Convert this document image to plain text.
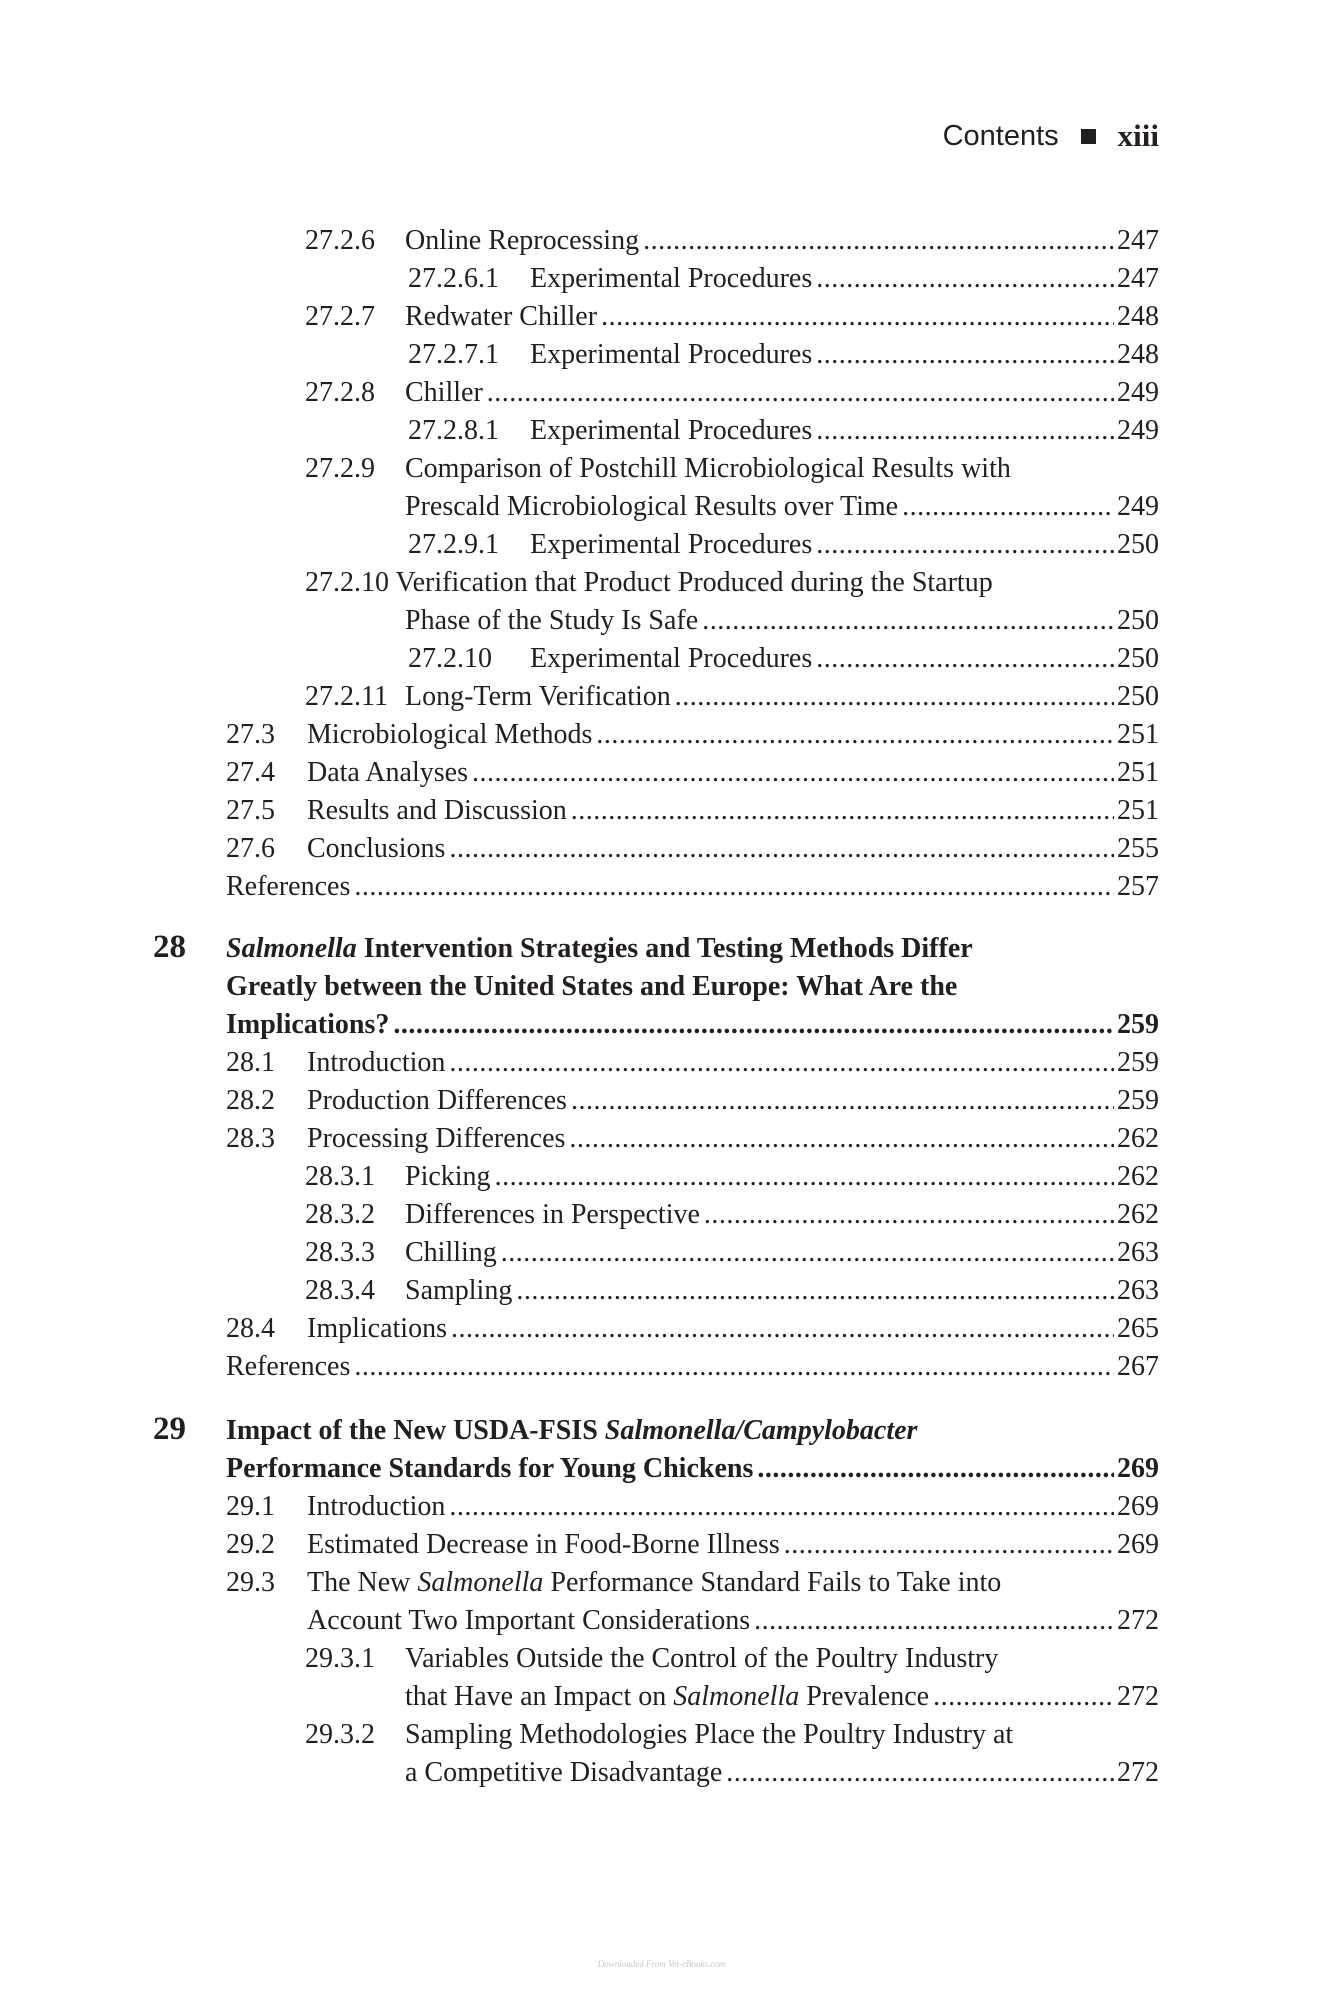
Contents xiii
27.2.6	Online Reprocessing .....	247
27.2.6.1	Experimental Procedures .....	247
27.2.7	Redwater Chiller .....	248
27.2.7.1	Experimental Procedures .....	248
27.2.8	Chiller .....	249
27.2.8.1	Experimental Procedures .....	249
27.2.9 Comparison of Postchill Microbiological Results with
Prescald Microbiological Results over Time .....	249
27.2.9.1	Experimental Procedures .....	250
27.2.10 Verification that Product Produced during the Startup
Phase of the Study Is Safe .....	250
27.2.10	Experimental Procedures .....	250
27.2.11 Long-Term Verification .....	250
27.3	Microbiological Methods .....	251
27.4	Data Analyses .....	251
27.5	Results and Discussion .....	251
27.6	Conclusions .....	255
References .....	257
28 Salmonella Intervention Strategies and Testing Methods Differ
Greatly between the United States and Europe: What Are the
Implications? .....	259
28.1	Introduction .....	259
28.2	Production Differences .....	259
28.3	Processing Differences .....	262
28.3.1	Picking .....	262
28.3.2	Differences in Perspective .....	262
28.3.3	Chilling .....	263
28.3.4	Sampling .....	263
28.4	Implications .....	265
References .....	267
29 Impact of the New USDA-FSIS Salmonella/Campylobacter
Performance Standards for Young Chickens .....	269
29.1	Introduction .....	269
29.2	Estimated Decrease in Food-Borne Illness .....	269
29.3 The New Salmonella Performance Standard Fails to Take into
Account Two Important Considerations .....	272
29.3.1 Variables Outside the Control of the Poultry Industry
that Have an Impact on Salmonella Prevalence .....	272
29.3.2 Sampling Methodologies Place the Poultry Industry at
a Competitive Disadvantage .....	272
Downloaded From Vet-eBooks.com
